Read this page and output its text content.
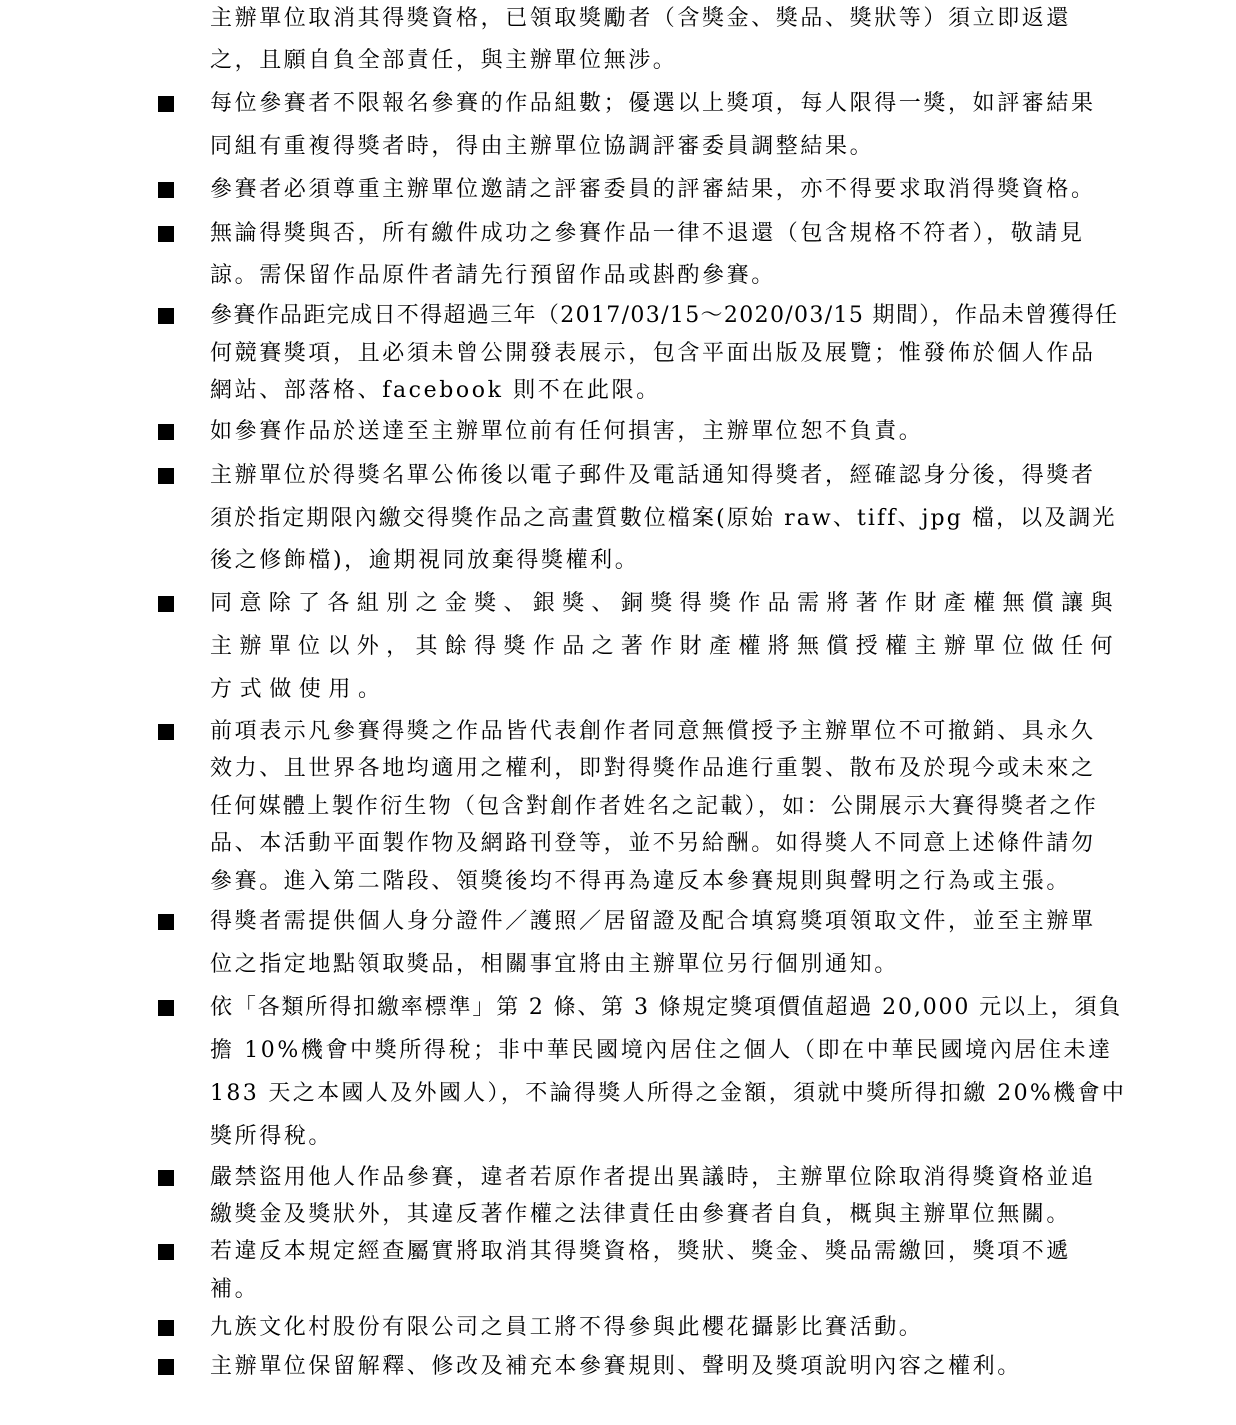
主辦單位取消其得獎資格，已領取獎勵者（含獎金、獎品、獎狀等）須立即返還
之，且願自負全部責任，與主辦單位無涉。
每位參賽者不限報名參賽的作品組數；優選以上獎項，每人限得一獎，如評審結果
同組有重複得獎者時，得由主辦單位協調評審委員調整結果。
參賽者必須尊重主辦單位邀請之評審委員的評審結果，亦不得要求取消得獎資格。
無論得獎與否，所有繳件成功之參賽作品一律不退還（包含規格不符者），敬請見
諒。需保留作品原件者請先行預留作品或斟酌參賽。
參賽作品距完成日不得超過三年（2017/03/15～2020/03/15 期間），作品未曾獲得任
何競賽獎項，且必須未曾公開發表展示，包含平面出版及展覽；惟發佈於個人作品
網站、部落格、facebook 則不在此限。
如參賽作品於送達至主辦單位前有任何損害，主辦單位恕不負責。
主辦單位於得獎名單公佈後以電子郵件及電話通知得獎者，經確認身分後，得獎者
須於指定期限內繳交得獎作品之高畫質數位檔案(原始 raw、tiff、jpg 檔，以及調光
後之修飾檔)，逾期視同放棄得獎權利。
同意除了各組別之金獎、銀獎、銅獎得獎作品需將著作財產權無償讓與
主辦單位以外，其餘得獎作品之著作財產權將無償授權主辦單位做任何
方式做使用。
前項表示凡參賽得獎之作品皆代表創作者同意無償授予主辦單位不可撤銷、具永久
效力、且世界各地均適用之權利，即對得獎作品進行重製、散布及於現今或未來之
任何媒體上製作衍生物（包含對創作者姓名之記載），如：公開展示大賽得獎者之作
品、本活動平面製作物及網路刊登等，並不另給酬。如得獎人不同意上述條件請勿
參賽。進入第二階段、領獎後均不得再為違反本參賽規則與聲明之行為或主張。
得獎者需提供個人身分證件／護照／居留證及配合填寫獎項領取文件，並至主辦單
位之指定地點領取獎品，相關事宜將由主辦單位另行個別通知。
依「各類所得扣繳率標準」第 2 條、第 3 條規定獎項價值超過 20,000 元以上，須負
擔 10%機會中獎所得稅；非中華民國境內居住之個人（即在中華民國境內居住未達
183 天之本國人及外國人），不論得獎人所得之金額，須就中獎所得扣繳 20%機會中
獎所得稅。
嚴禁盜用他人作品參賽，違者若原作者提出異議時，主辦單位除取消得獎資格並追
繳獎金及獎狀外，其違反著作權之法律責任由參賽者自負，概與主辦單位無關。
若違反本規定經查屬實將取消其得獎資格，獎狀、獎金、獎品需繳回，獎項不遞
補。
九族文化村股份有限公司之員工將不得參與此櫻花攝影比賽活動。
主辦單位保留解釋、修改及補充本參賽規則、聲明及獎項說明內容之權利。
